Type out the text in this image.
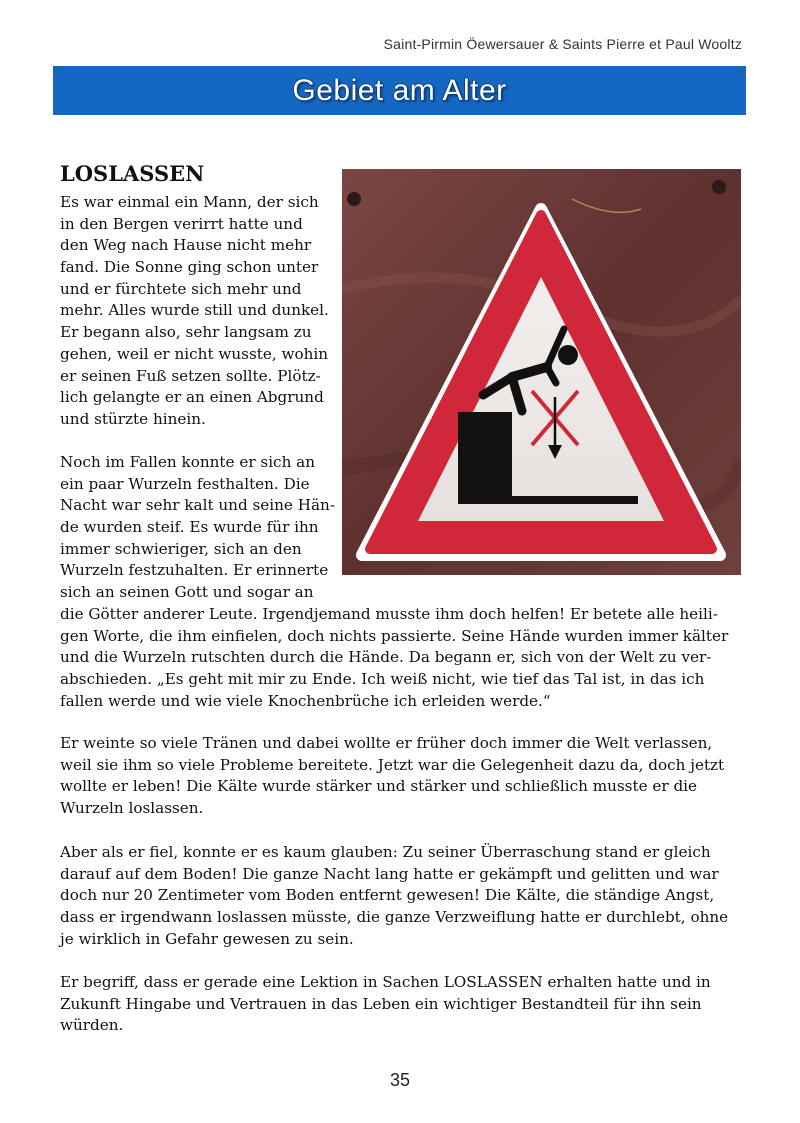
Saint-Pirmin Öewersauer & Saints Pierre et Paul Wooltz
Gebiet am Alter
LOSLASSEN
Es war einmal ein Mann, der sich
in den Bergen verirrt hatte und
den Weg nach Hause nicht mehr
fand. Die Sonne ging schon unter
und er fürchtete sich mehr und
mehr. Alles wurde still und dunkel.
Er begann also, sehr langsam zu
gehen, weil er nicht wusste, wohin
er seinen Fuß setzen sollte. Plötz-
lich gelangte er an einen Abgrund
und stürzte hinein.
Noch im Fallen konnte er sich an
ein paar Wurzeln festhalten. Die
Nacht war sehr kalt und seine Hän-
de wurden steif. Es wurde für ihn
immer schwieriger, sich an den
Wurzeln festzuhalten. Er erinnerte
sich an seinen Gott und sogar an
die Götter anderer Leute. Irgendjemand musste ihm doch helfen! Er betete alle heili-
gen Worte, die ihm einfielen, doch nichts passierte. Seine Hände wurden immer kälter
und die Wurzeln rutschten durch die Hände. Da begann er, sich von der Welt zu ver-
abschieden. „Es geht mit mir zu Ende. Ich weiß nicht, wie tief das Tal ist, in das ich
fallen werde und wie viele Knochenbrüche ich erleiden werde.“
Er weinte so viele Tränen und dabei wollte er früher doch immer die Welt verlassen,
weil sie ihm so viele Probleme bereitete. Jetzt war die Gelegenheit dazu da, doch jetzt
wollte er leben! Die Kälte wurde stärker und stärker und schließlich musste er die
Wurzeln loslassen.
Aber als er fiel, konnte er es kaum glauben: Zu seiner Überraschung stand er gleich
darauf auf dem Boden! Die ganze Nacht lang hatte er gekämpft und gelitten und war
doch nur 20 Zentimeter vom Boden entfernt gewesen! Die Kälte, die ständige Angst,
dass er irgendwann loslassen müsste, die ganze Verzweiflung hatte er durchlebt, ohne
je wirklich in Gefahr gewesen zu sein.
Er begriff, dass er gerade eine Lektion in Sachen LOSLASSEN erhalten hatte und in
Zukunft Hingabe und Vertrauen in das Leben ein wichtiger Bestandteil für ihn sein
würden.
35
